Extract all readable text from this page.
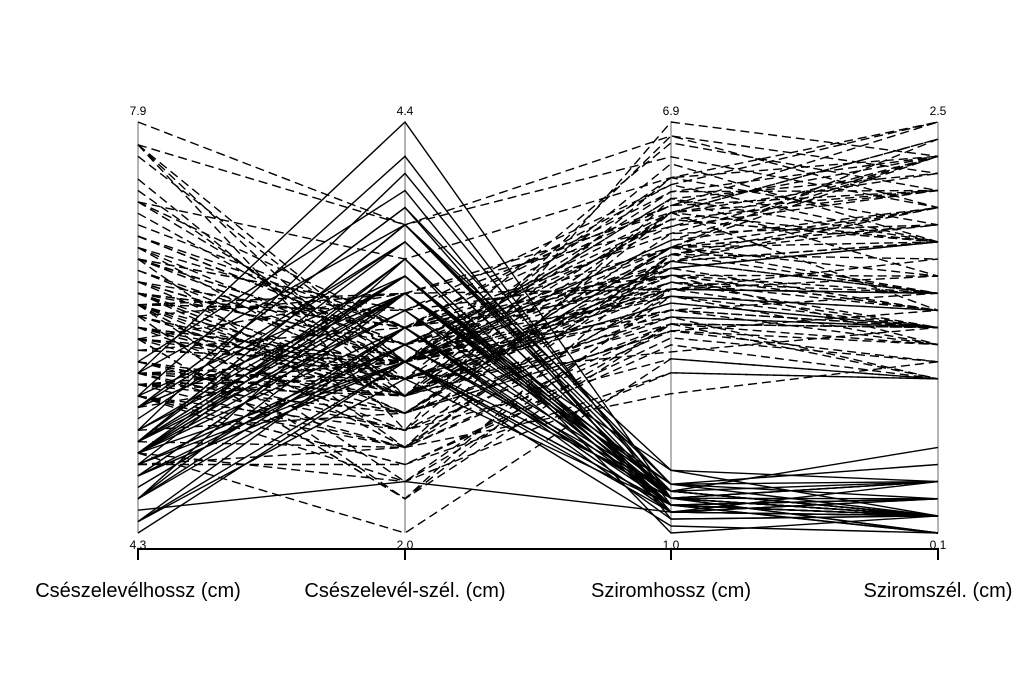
7.9	4.4	6.9	2.5
4.3	2.0	1.0	0.1
Csészelevélhossz (cm)	Csészelevél-szél. (cm)	Sziromhossz (cm)	Sziromszél. (cm)
